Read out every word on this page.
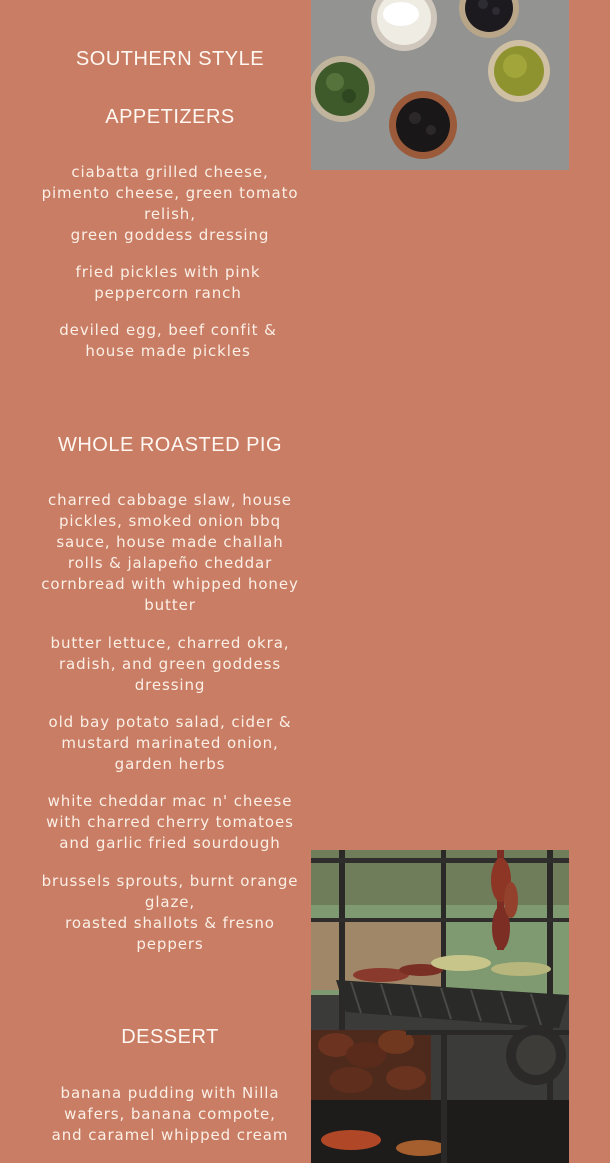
SOUTHERN STYLE
APPETIZERS
ciabatta grilled cheese, pimento cheese, green tomato relish,
green goddess dressing
fried pickles with pink peppercorn ranch
deviled egg, beef confit & house made pickles
WHOLE ROASTED PIG
charred cabbage slaw, house pickles, smoked onion bbq sauce, house made challah rolls & jalapeño cheddar cornbread with whipped honey butter
butter lettuce, charred okra, radish, and green goddess dressing
old bay potato salad, cider & mustard marinated onion, garden herbs
white cheddar mac n' cheese with charred cherry tomatoes and garlic fried sourdough
brussels sprouts, burnt orange glaze,
roasted shallots & fresno peppers
DESSERT
banana pudding with Nilla wafers, banana compote,
and caramel whipped cream
